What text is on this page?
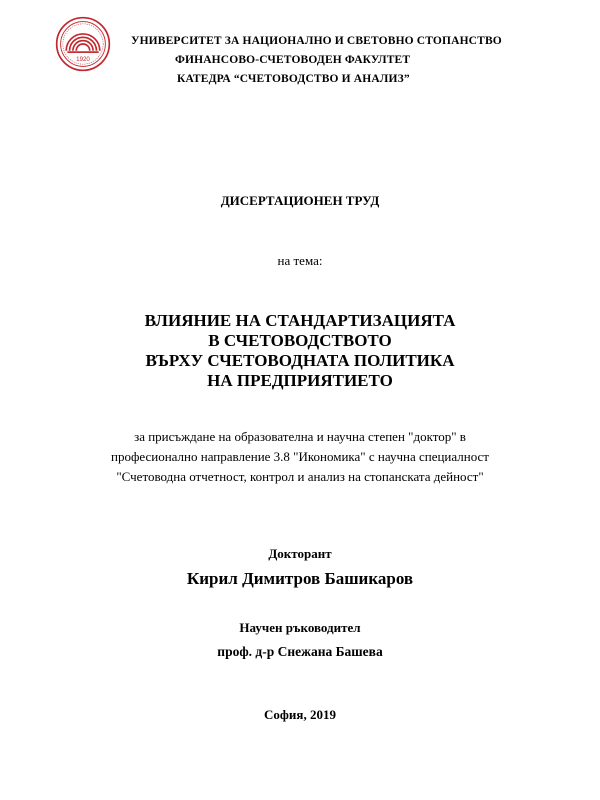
1920
УНИВЕРСИТЕТ ЗА НАЦИОНАЛНО И СВЕТОВНО СТОПАНСТВО
ФИНАНСОВО-СЧЕТОВОДЕН ФАКУЛТЕТ
КАТЕДРА “СЧЕТОВОДСТВО И АНАЛИЗ”
ДИСЕРТАЦИОНЕН ТРУД
на тема:
ВЛИЯНИЕ НА СТАНДАРТИЗАЦИЯТА
В СЧЕТОВОДСТВОТО
ВЪРХУ СЧЕТОВОДНАТА ПОЛИТИКА
НА ПРЕДПРИЯТИЕТО
за присъждане на образователна и научна степен "доктор" в
професионално направление 3.8 "Икономика" с научна специалност
"Счетоводна отчетност, контрол и анализ на стопанската дейност"
Докторант
Кирил Димитров Башикаров
Научен ръководител
проф. д-р Снежана Башева
София, 2019
